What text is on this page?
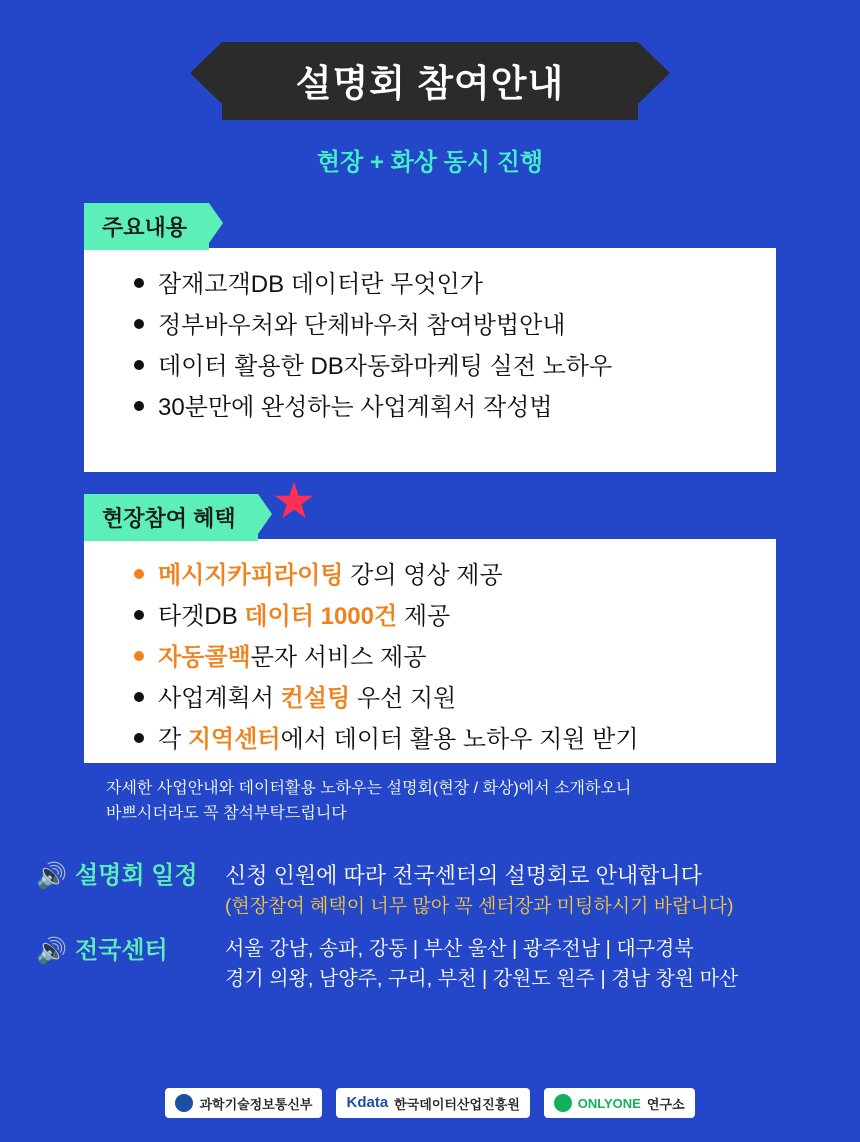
설명회 참여안내
현장 + 화상 동시 진행
주요내용
잠재고객DB 데이터란 무엇인가
정부바우처와 단체바우처 참여방법안내
데이터 활용한 DB자동화마케팅 실전 노하우
30분만에 완성하는 사업계획서 작성법
현장참여 혜택 ★
메시지카피라이팅 강의 영상 제공
타겟DB 데이터 1000건 제공
자동콜백문자 서비스 제공
사업계획서 컨설팅 우선 지원
각 지역센터에서 데이터 활용 노하우 지원 받기
자세한 사업안내와 데이터활용 노하우는 설명회(현장 / 화상)에서 소개하오니
바쁘시더라도 꼭 참석부탁드립니다
🔊 설명회 일정	신청 인원에 따라 전국센터의 설명회로 안내합니다
(현장참여 혜택이 너무 많아 꼭 센터장과 미팅하시기 바랍니다)
🔊 전국센터	서울 강남, 송파, 강동 | 부산 울산 | 광주전남 | 대구경북
경기 의왕, 남양주, 구리, 부천 | 강원도 원주 | 경남 창원 마산
과학기술정보통신부 Kdata 한국데이터산업진흥원	ONLYONE 연구소
